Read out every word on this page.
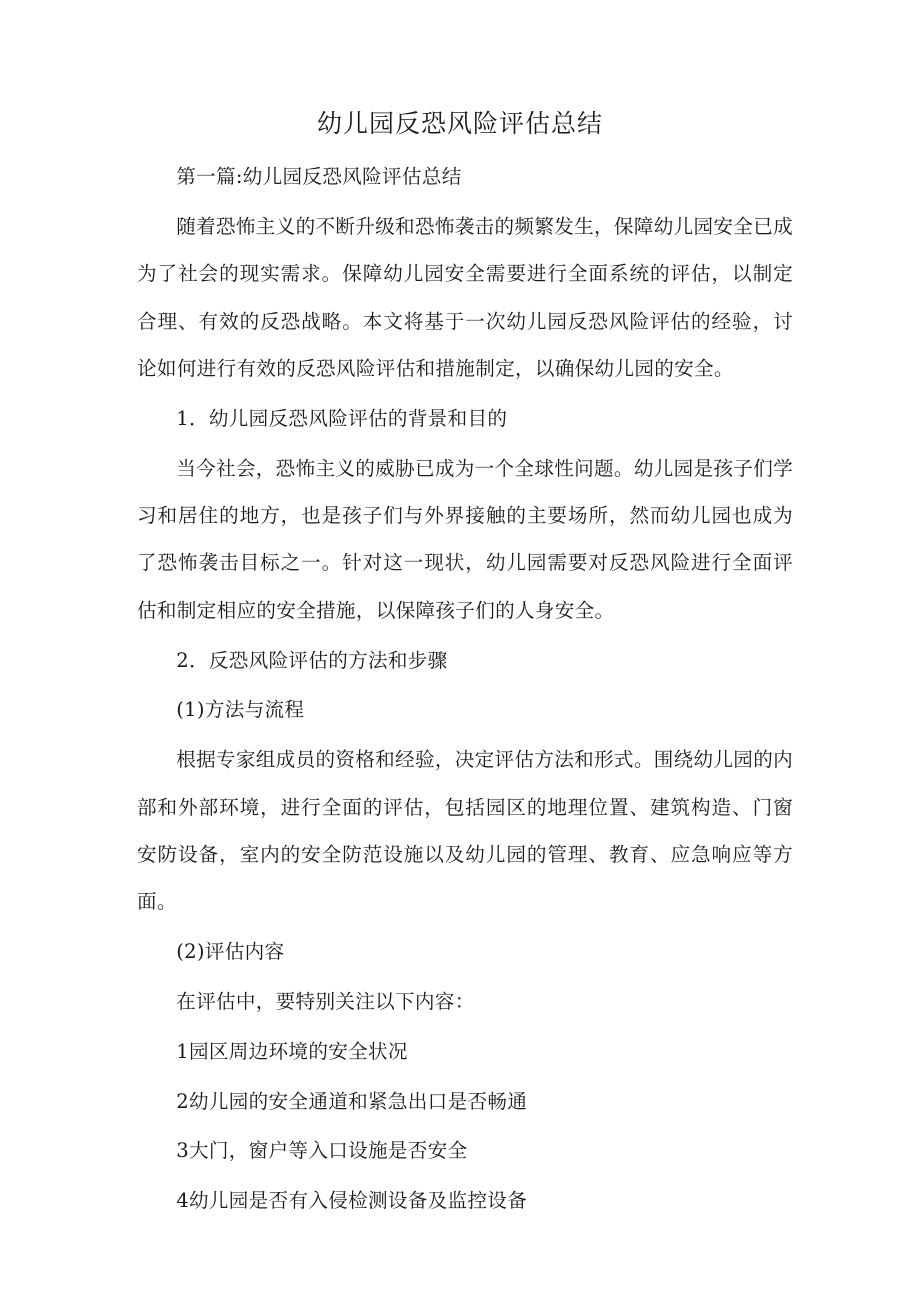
幼儿园反恐风险评估总结

第一篇:幼儿园反恐风险评估总结

随着恐怖主义的不断升级和恐怖袭击的频繁发生，保障幼儿园安全已成为了社会的现实需求。保障幼儿园安全需要进行全面系统的评估，以制定合理、有效的反恐战略。本文将基于一次幼儿园反恐风险评估的经验，讨论如何进行有效的反恐风险评估和措施制定，以确保幼儿园的安全。

1．幼儿园反恐风险评估的背景和目的

当今社会，恐怖主义的威胁已成为一个全球性问题。幼儿园是孩子们学习和居住的地方，也是孩子们与外界接触的主要场所，然而幼儿园也成为了恐怖袭击目标之一。针对这一现状，幼儿园需要对反恐风险进行全面评估和制定相应的安全措施，以保障孩子们的人身安全。

2．反恐风险评估的方法和步骤

(1)方法与流程

根据专家组成员的资格和经验，决定评估方法和形式。围绕幼儿园的内部和外部环境，进行全面的评估，包括园区的地理位置、建筑构造、门窗安防设备，室内的安全防范设施以及幼儿园的管理、教育、应急响应等方面。

(2)评估内容

在评估中，要特别关注以下内容：

1园区周边环境的安全状况

2幼儿园的安全通道和紧急出口是否畅通

3大门，窗户等入口设施是否安全

4幼儿园是否有入侵检测设备及监控设备
